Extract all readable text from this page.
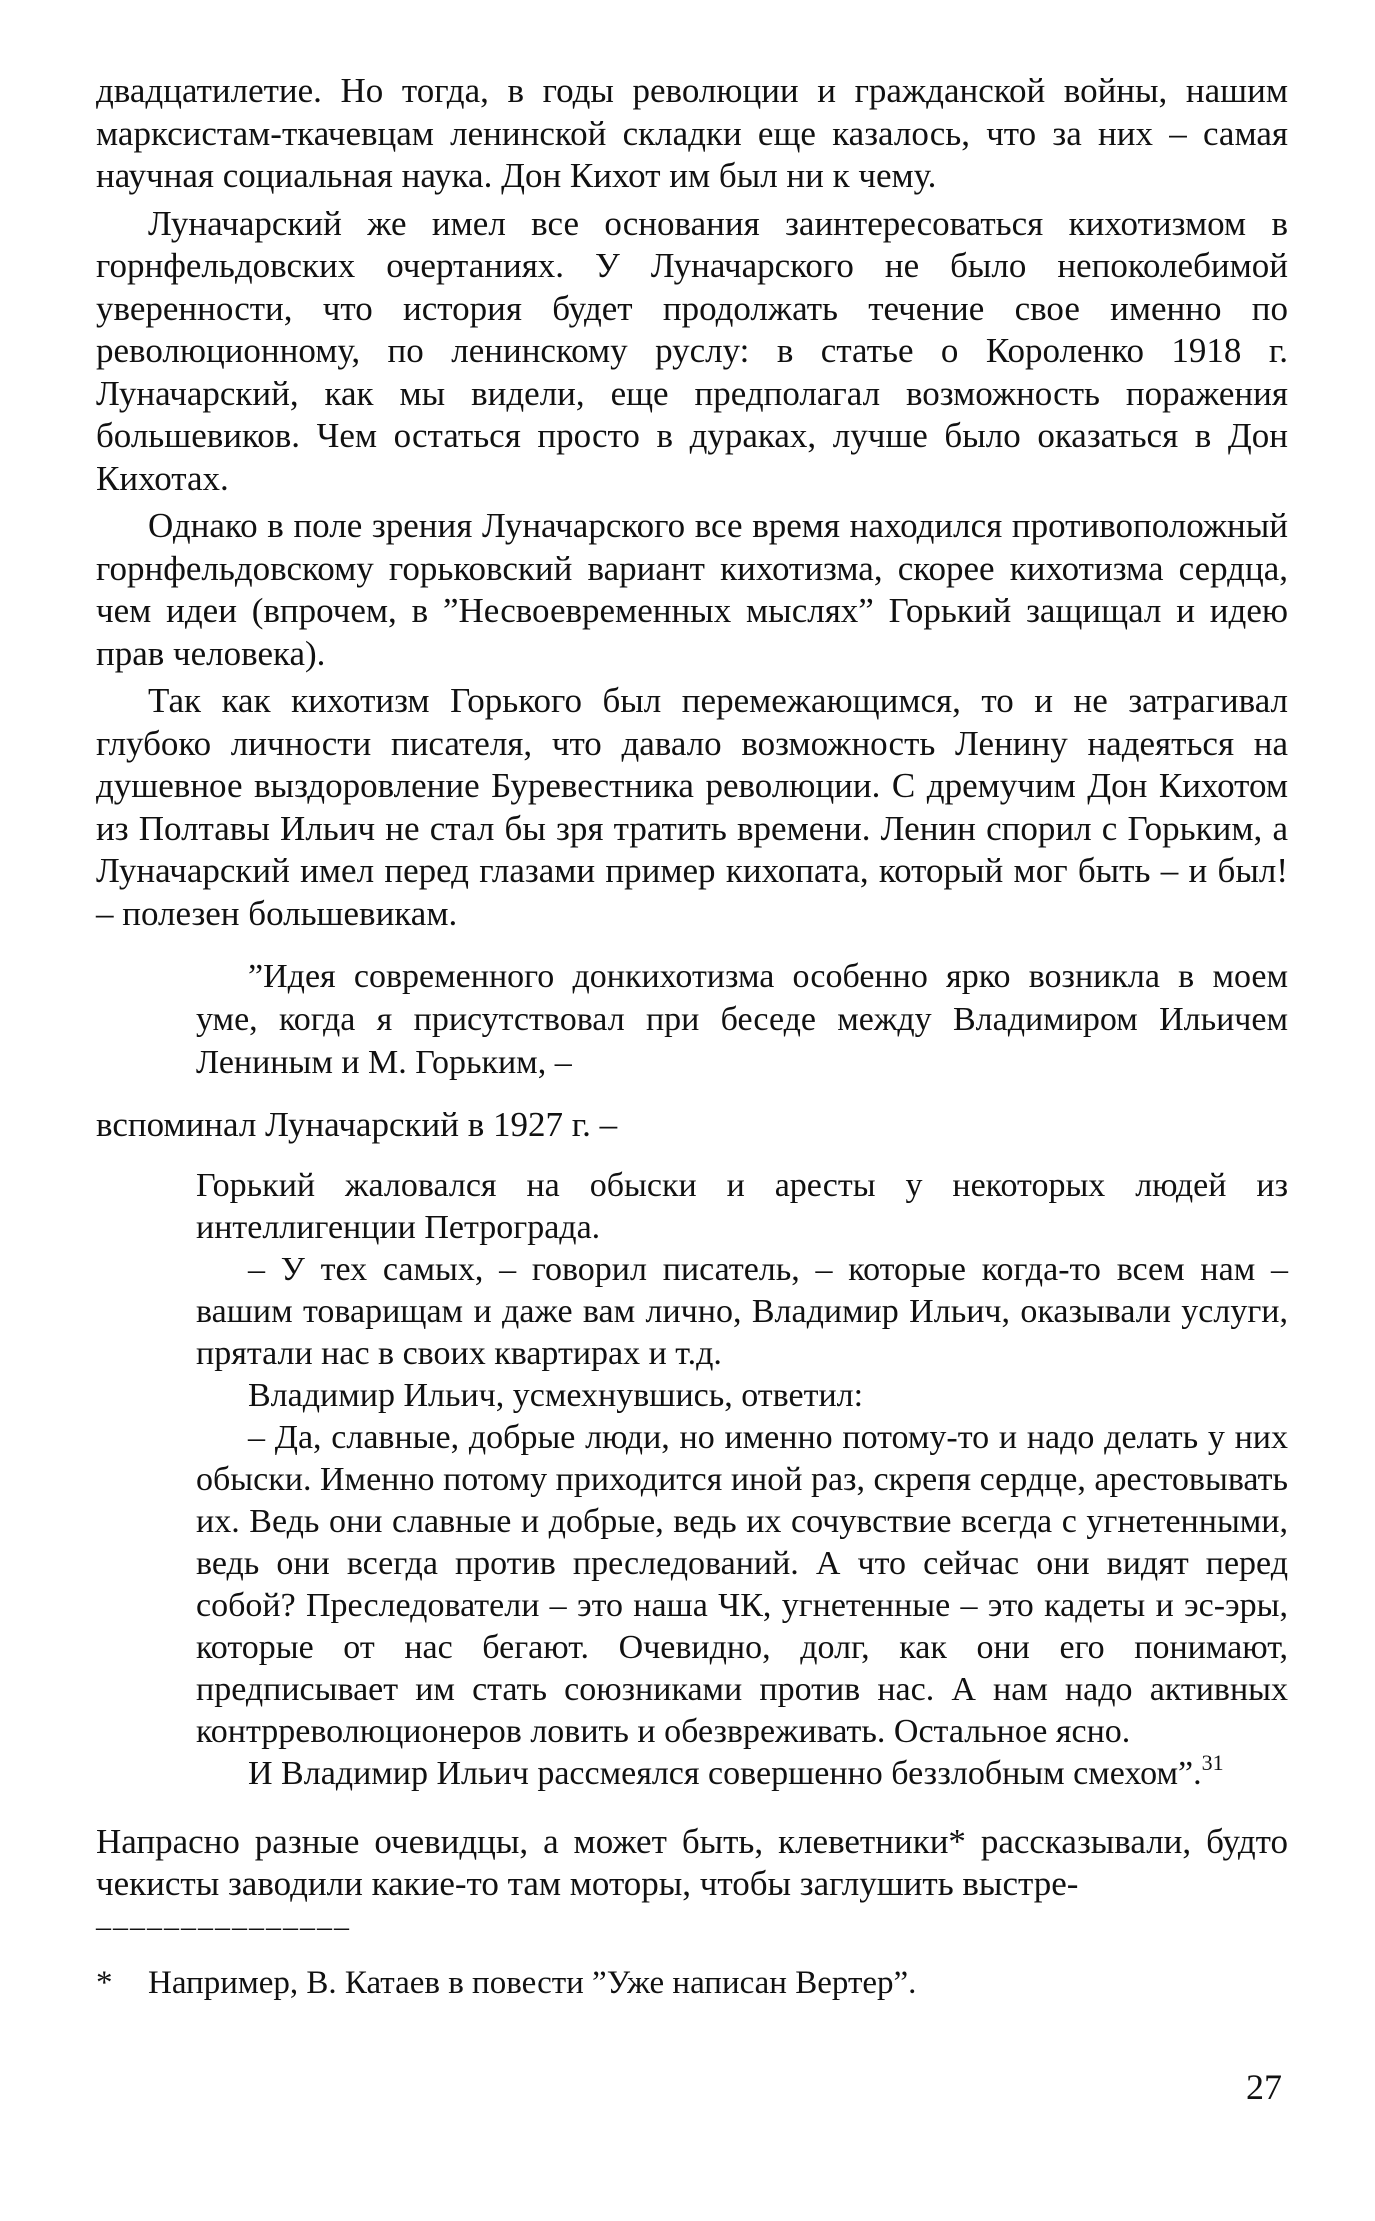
двадцатилетие. Но тогда, в годы революции и гражданской войны, нашим марксистам-ткачевцам ленинской складки еще казалось, что за них – самая научная социальная наука. Дон Кихот им был ни к чему.

Луначарский же имел все основания заинтересоваться кихотизмом в горнфельдовских очертаниях. У Луначарского не было непоколебимой уверенности, что история будет продолжать течение свое именно по революционному, по ленинскому руслу: в статье о Короленко 1918 г. Луначарский, как мы видели, еще предполагал возможность поражения большевиков. Чем остаться просто в дураках, лучше было оказаться в Дон Кихотах.

Однако в поле зрения Луначарского все время находился противоположный горнфельдовскому горьковский вариант кихотизма, скорее кихотизма сердца, чем идеи (впрочем, в ”Несвоевременных мыслях” Горький защищал и идею прав человека).

Так как кихотизм Горького был перемежающимся, то и не затрагивал глубоко личности писателя, что давало возможность Ленину надеяться на душевное выздоровление Буревестника революции. С дремучим Дон Кихотом из Полтавы Ильич не стал бы зря тратить времени. Ленин спорил с Горьким, а Луначарский имел перед глазами пример кихопата, который мог быть – и был! – полезен большевикам.

”Идея современного донкихотизма особенно ярко возникла в моем уме, когда я присутствовал при беседе между Владимиром Ильичем Лениным и М. Горьким, –

вспоминал Луначарский в 1927 г. –

Горький жаловался на обыски и аресты у некоторых людей из интеллигенции Петрограда.

– У тех самых, – говорил писатель, – которые когда-то всем нам – вашим товарищам и даже вам лично, Владимир Ильич, оказывали услуги, прятали нас в своих квартирах и т.д.

Владимир Ильич, усмехнувшись, ответил:

– Да, славные, добрые люди, но именно потому-то и надо делать у них обыски. Именно потому приходится иной раз, скрепя сердце, арестовывать их. Ведь они славные и добрые, ведь их сочувствие всегда с угнетенными, ведь они всегда против преследований. А что сейчас они видят перед собой? Преследователи – это наша ЧК, угнетенные – это кадеты и эс-эры, которые от нас бегают. Очевидно, долг, как они его понимают, предписывает им стать союзниками против нас. А нам надо активных контрреволюционеров ловить и обезвреживать. Остальное ясно.

И Владимир Ильич рассмеялся совершенно беззлобным смехом”.$^{31}$

Напрасно разные очевидцы, а может быть, клеветники* рассказывали, будто чекисты заводили какие-то там моторы, чтобы заглушить выстре-

–––––––––––––––

* Например, В. Катаев в повести ”Уже написан Вертер”.

27
